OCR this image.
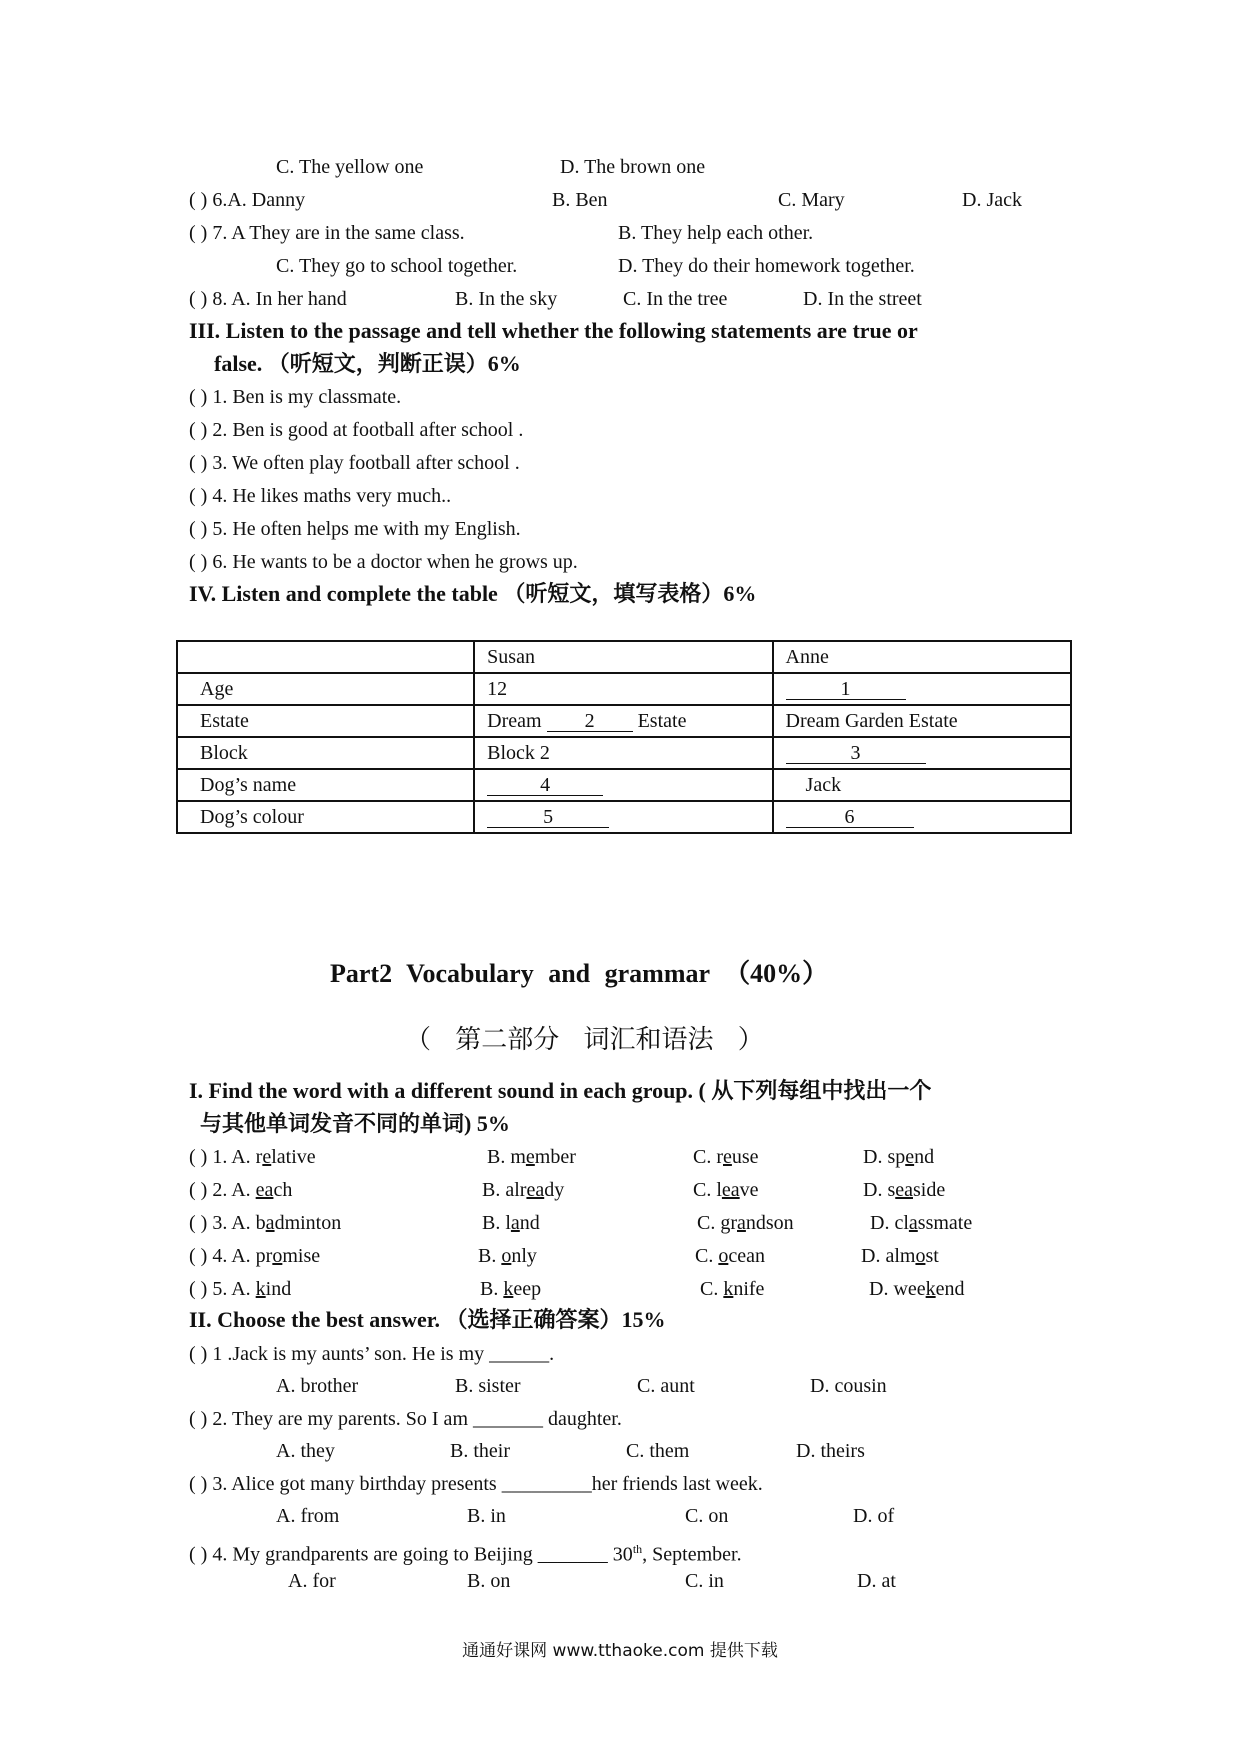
C. The yellow one	D. The brown one
( ) 6.A. Danny	B. Ben	C. Mary	D. Jack
( ) 7. A They are in the same class.	B. They help each other.
C. They go to school together.	D. They do their homework together.
( ) 8. A. In her hand	B. In the sky	C. In the tree	D. In the street
III. Listen to the passage and tell whether the following statements are true or
false. （听短文，判断正误）6%
( ) 1. Ben is my classmate.
( ) 2. Ben is good at football after school .
( ) 3. We often play football after school .
( ) 4. He likes maths very much..
( ) 5. He often helps me with my English.
( ) 6. He wants to be a doctor when he grows up.
IV. Listen and complete the table （听短文，填写表格）6%
	Susan	Anne
Age	12	1
Estate	Dream 2 Estate	Dream Garden Estate
Block	Block 2	3
Dog’s name	4	Jack
Dog’s colour	5	6
Part2 Vocabulary and grammar （40%）
（ 第二部分 词汇和语法 ）
I. Find the word with a different sound in each group. ( 从下列每组中找出一个
与其他单词发音不同的单词) 5%
( ) 1. A. relative	B. member	C. reuse	D. spend
( ) 2. A. each	B. already	C. leave	D. seaside
( ) 3. A. badminton	B. land	C. grandson	D. classmate
( ) 4. A. promise	B. only	C. ocean	D. almost
( ) 5. A. kind	B. keep	C. knife	D. weekend
II. Choose the best answer. （选择正确答案）15%
( ) 1 .Jack is my aunts’ son. He is my ______.
A. brother	B. sister	C. aunt	D. cousin
( ) 2. They are my parents. So I am _______ daughter.
A. they	B. their	C. them	D. theirs
( ) 3. Alice got many birthday presents _________her friends last week.
A. from	B. in	C. on	D. of
( ) 4. My grandparents are going to Beijing _______ 30th, September.
A. for	B. on	C. in	D. at
通通好课网 www.tthaoke.com 提供下载
